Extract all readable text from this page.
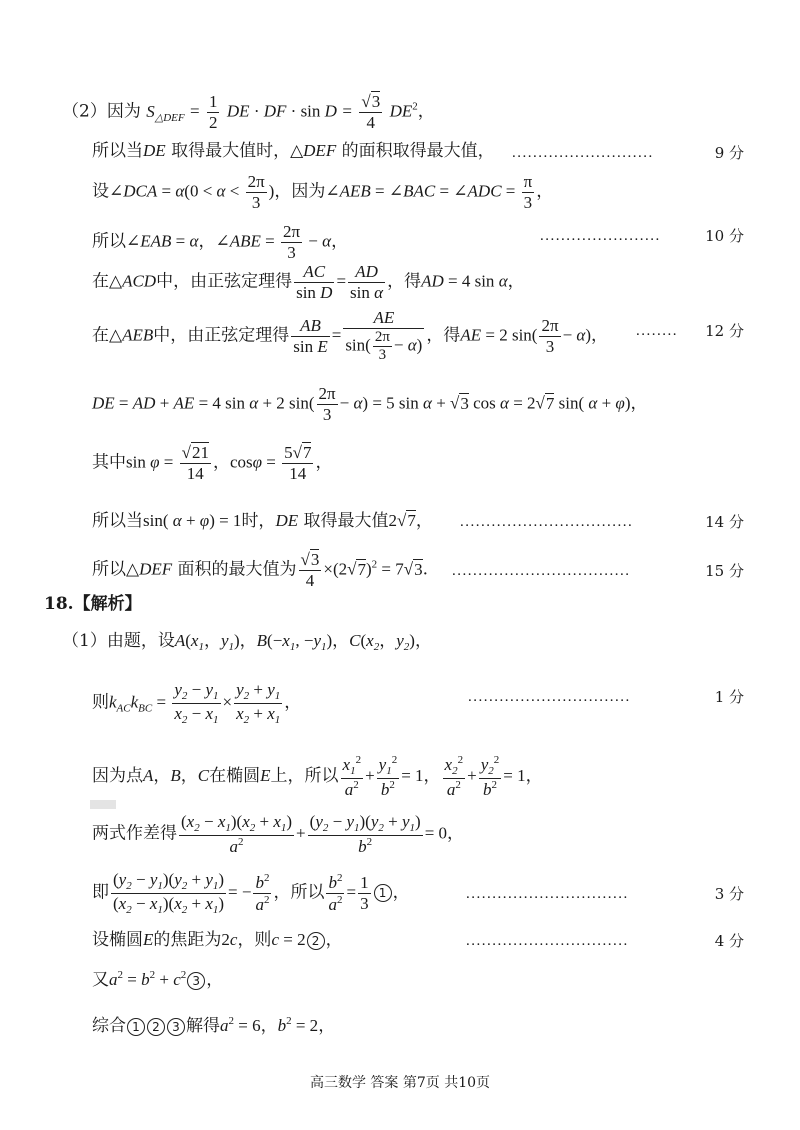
（2）因为 $S_{\triangle DEF} = \frac{1}{2}$ DE · DF · $\sin D = \frac{√3}{4} DE^2$，
所以当DE 取得最大值时，△DEF 的面积取得最大值， ...........................	9 分
设∠DCA = $\alpha(0 < \alpha < \frac{2\pi}{3}$ )，因为∠AEB = ∠BAC = ∠ADC = $\frac{\pi}{3}$ ，
所以∠EAB = α，∠ABE = $\frac{2\pi}{3} - \alpha$，	.......................	10 分
在△ACD中，由正弦定理得 $\frac{AC}{\text{sin D}} = \frac{AD}{\text{sin α}}$ ，得AD = 4 sin α，
在△AEB中，由正弦定理得 $\frac{AB}{\text{sin E}} = \frac{AE}{\sin( \frac{2\pi}{3} - \alpha)}$ ，得AE = 2 $\sin( \frac{2\pi}{3} - \alpha)$， ........ 12 分
DE = AD + AE = 4 sin α + 2 $\sin( \frac{2\pi}{3} - \alpha) = 5$ sin α + √3 cos α = 2√7 sin( α + φ)，
其中$\sin \varphi = \frac{√21}{14}$ ，$\cos\varphi = \frac{5√7}{14}$ ，
所以当sin( α + φ) = 1时，DE 取得最大值2√7， .................................	14 分
所以△DEF 面积的最大值为 $\frac{√3}{4} \times(2√7)^2 = 7√3$. ..................................	15 分
18.【解析】
（1）由题，设$A(x_1$，$y_1$)，$B(-x_1$, $-y_1$)，$C(x_2$，$y_2$)，
则$k_{AC}k_{BC} = \frac{y_2 - y_1}{x_2 - x_1} \times \frac{y_2 + y_1}{x_2 + x_1}$ ，	...............................	1 分
因为点A，B，C在椭圆E上，所以 $\frac{x_1^2}{a^2} + \frac{y_1^2}{b^2} = 1$， $\frac{x_2^2}{a^2} + \frac{y_2^2}{b^2} = 1$，
两式作差得 $\frac{(x_2 - x_1)(x_2 + x_1)}{a^2} + \frac{(y_2 - y_1)(y_2 + y_1)}{b^2} = 0$，
即 $\frac{(y_2 - y_1)(y_2 + y_1)}{(x_2 - x_1)(x_2 + x_1)}$ = − $\frac{b^2}{a^2}$ ，所以 $\frac{b^2}{a^2} = \frac{1}{3} 1$ ，	...............................	3 分
设椭圆E的焦距为2c，则c = 2 2 ，	...............................	4 分
又$a^2 = b^2 + c^2$ 3 ，
综合 1 2 3 解得$a^2 = 6$，$b^2 = 2$，
高三数学 答案 第7页 共10页
